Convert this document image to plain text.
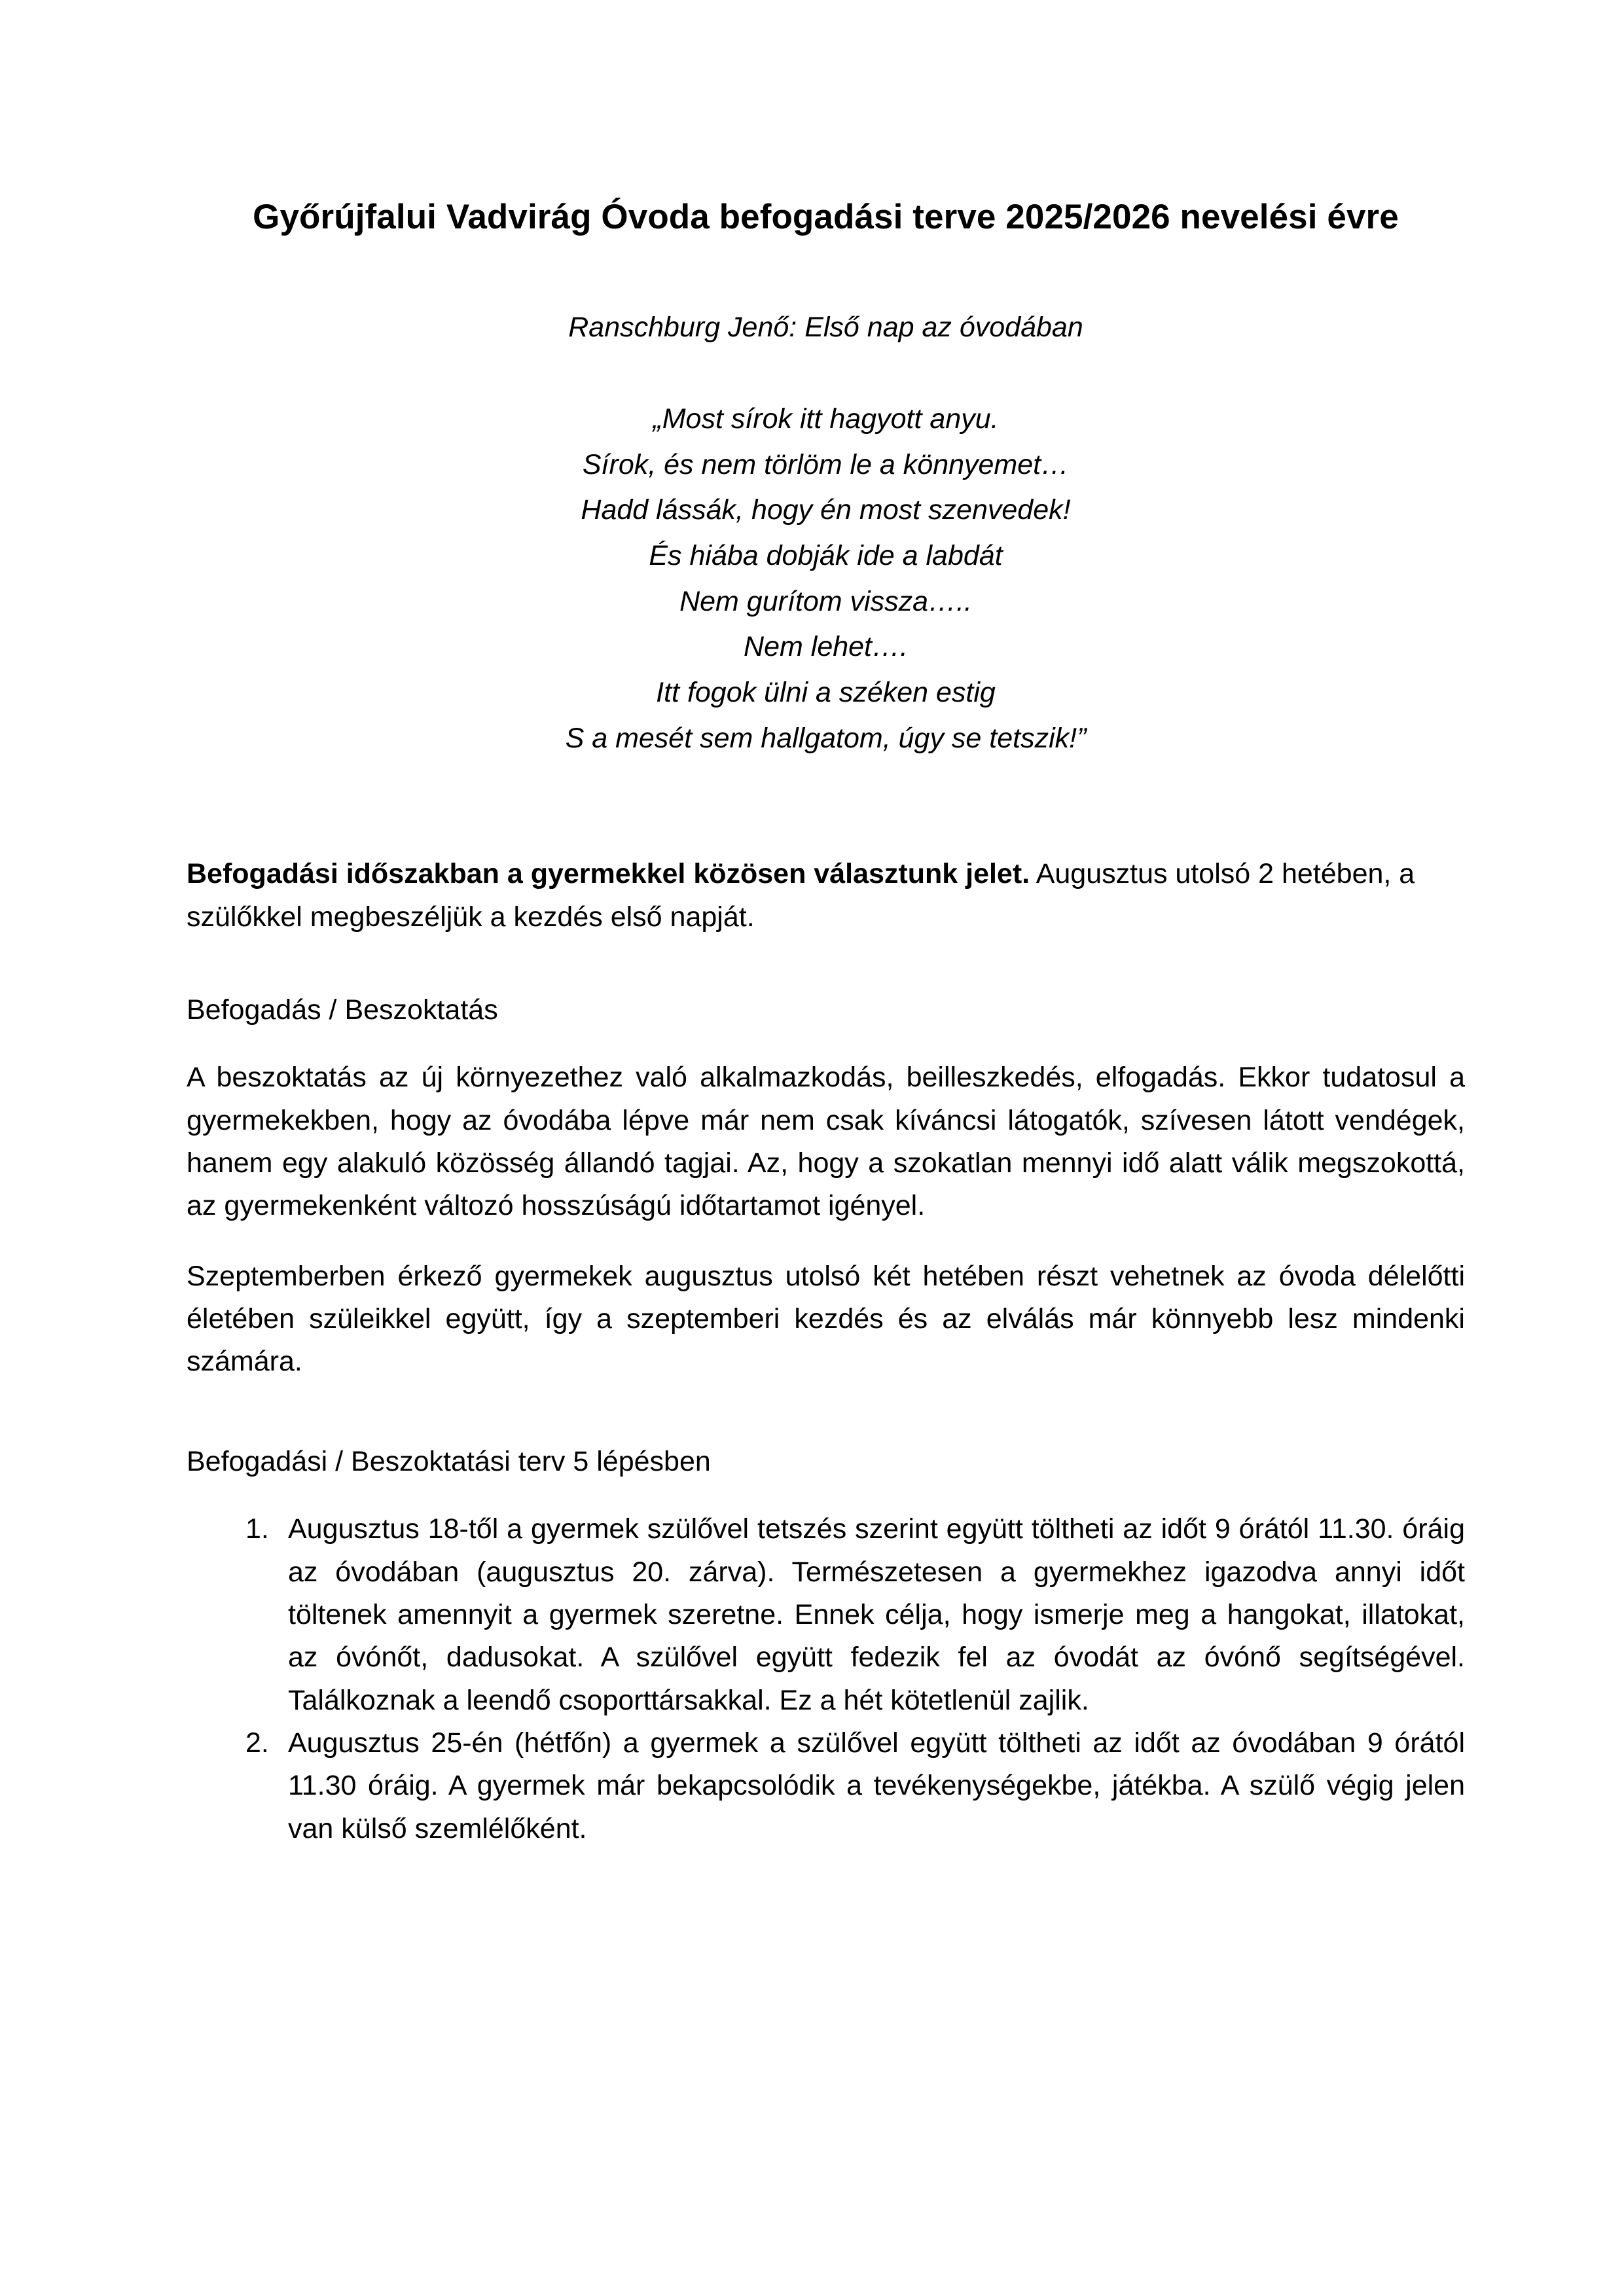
Győrújfalui Vadvirág Óvoda befogadási terve 2025/2026 nevelési évre

Ranschburg Jenő: Első nap az óvodában

„Most sírok itt hagyott anyu.

Sírok, és nem törlöm le a könnyemet…

Hadd lássák, hogy én most szenvedek!

És hiába dobják ide a labdát

Nem gurítom vissza…..

Nem lehet….

Itt fogok ülni a széken estig

S a mesét sem hallgatom, úgy se tetszik!”

Befogadási időszakban a gyermekkel közösen választunk jelet. Augusztus utolsó 2 hetében, a szülőkkel megbeszéljük a kezdés első napját.

Befogadás / Beszoktatás

A beszoktatás az új környezethez való alkalmazkodás, beilleszkedés, elfogadás. Ekkor tudatosul a gyermekekben, hogy az óvodába lépve már nem csak kíváncsi látogatók, szívesen látott vendégek, hanem egy alakuló közösség állandó tagjai. Az, hogy a szokatlan mennyi idő alatt válik megszokottá, az gyermekenként változó hosszúságú időtartamot igényel.

Szeptemberben érkező gyermekek augusztus utolsó két hetében részt vehetnek az óvoda délelőtti életében szüleikkel együtt, így a szeptemberi kezdés és az elválás már könnyebb lesz mindenki számára.

Befogadási / Beszoktatási terv 5 lépésben
Augusztus 18-től a gyermek szülővel tetszés szerint együtt töltheti az időt 9 órától 11.30. óráig az óvodában (augusztus 20. zárva). Természetesen a gyermekhez igazodva annyi időt töltenek amennyit a gyermek szeretne. Ennek célja, hogy ismerje meg a hangokat, illatokat, az óvónőt, dadusokat. A szülővel együtt fedezik fel az óvodát az óvónő segítségével. Találkoznak a leendő csoporttársakkal. Ez a hét kötetlenül zajlik.
Augusztus 25-én (hétfőn) a gyermek a szülővel együtt töltheti az időt az óvodában 9 órától 11.30 óráig. A gyermek már bekapcsolódik a tevékenységekbe, játékba. A szülő végig jelen van külső szemlélőként.
